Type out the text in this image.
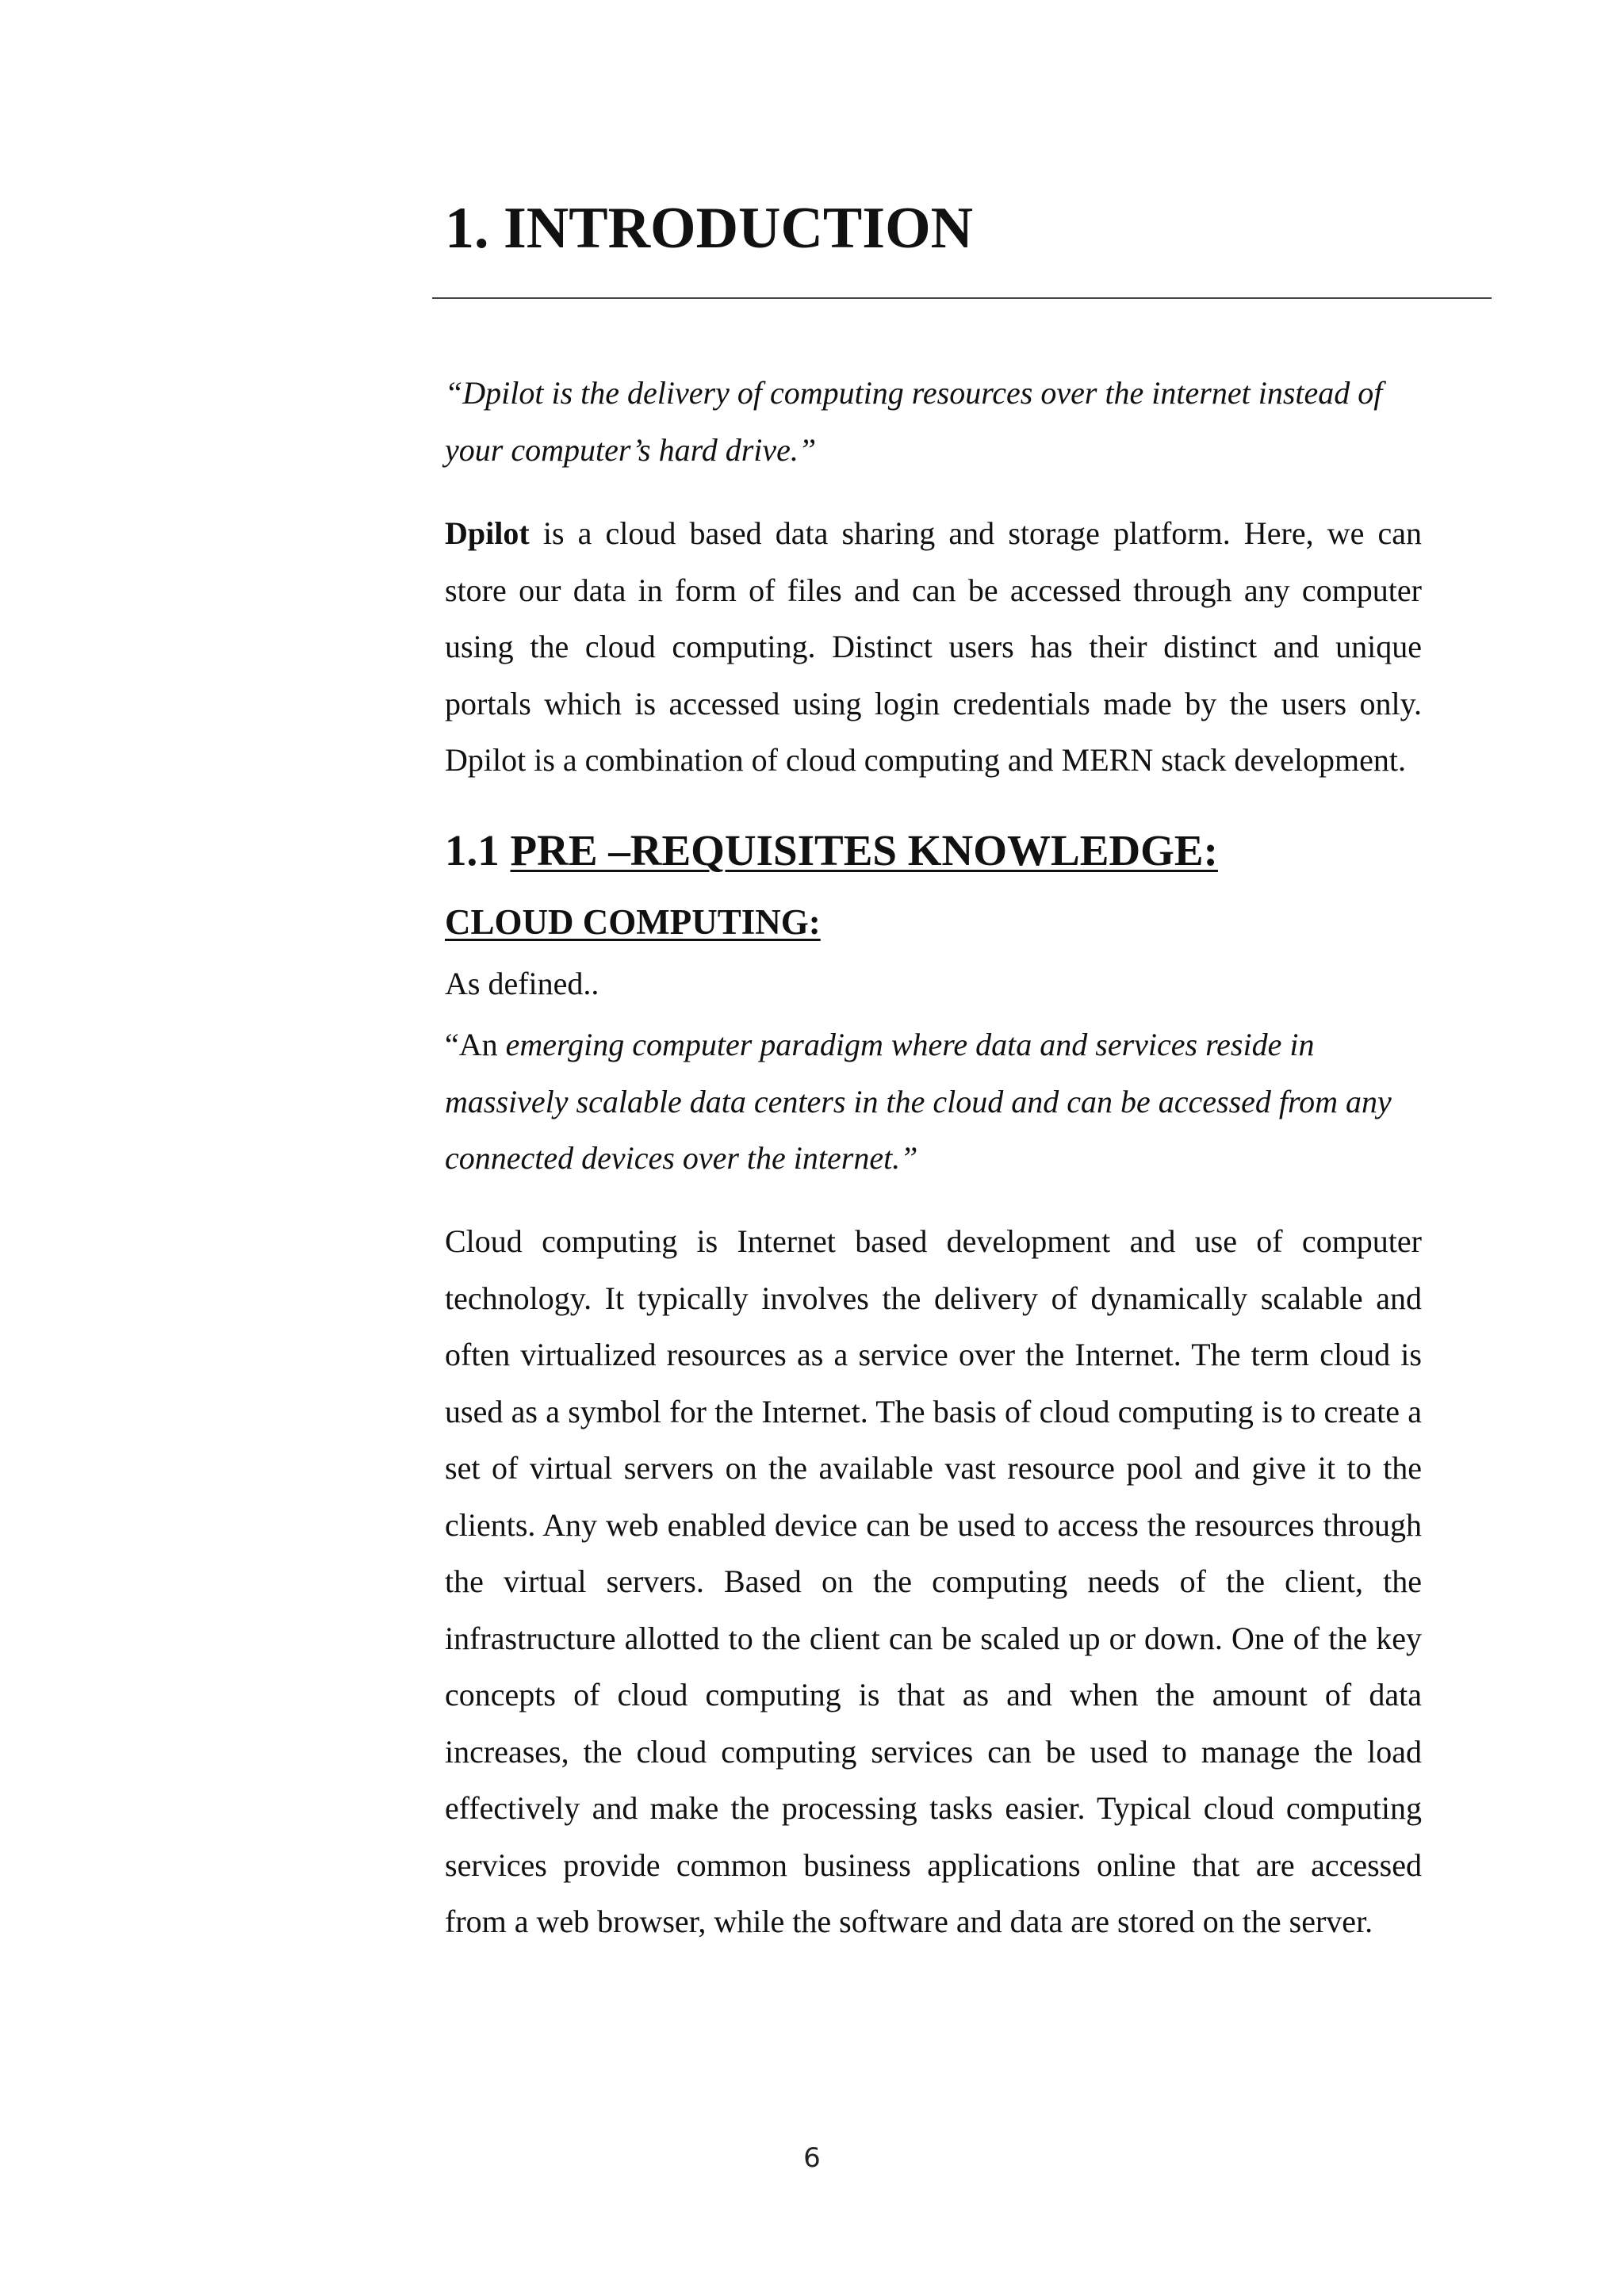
1. INTRODUCTION

“Dpilot is the delivery of computing resources over the internet instead of your computer’s hard drive.”

Dpilot is a cloud based data sharing and storage platform. Here, we can store our data in form of files and can be accessed through any computer using the cloud computing. Distinct users has their distinct and unique portals which is accessed using login credentials made by the users only. Dpilot is a combination of cloud computing and MERN stack development.

1.1 PRE –REQUISITES KNOWLEDGE:
CLOUD COMPUTING:

As defined..

“An emerging computer paradigm where data and services reside in massively scalable data centers in the cloud and can be accessed from any connected devices over the internet.”

Cloud computing is Internet based development and use of computer technology. It typically involves the delivery of dynamically scalable and often virtualized resources as a service over the Internet. The term cloud is used as a symbol for the Internet. The basis of cloud computing is to create a set of virtual servers on the available vast resource pool and give it to the clients. Any web enabled device can be used to access the resources through the virtual servers. Based on the computing needs of the client, the infrastructure allotted to the client can be scaled up or down. One of the key concepts of cloud computing is that as and when the amount of data increases, the cloud computing services can be used to manage the load effectively and make the processing tasks easier. Typical cloud computing services provide common business applications online that are accessed from a web browser, while the software and data are stored on the server.

6
